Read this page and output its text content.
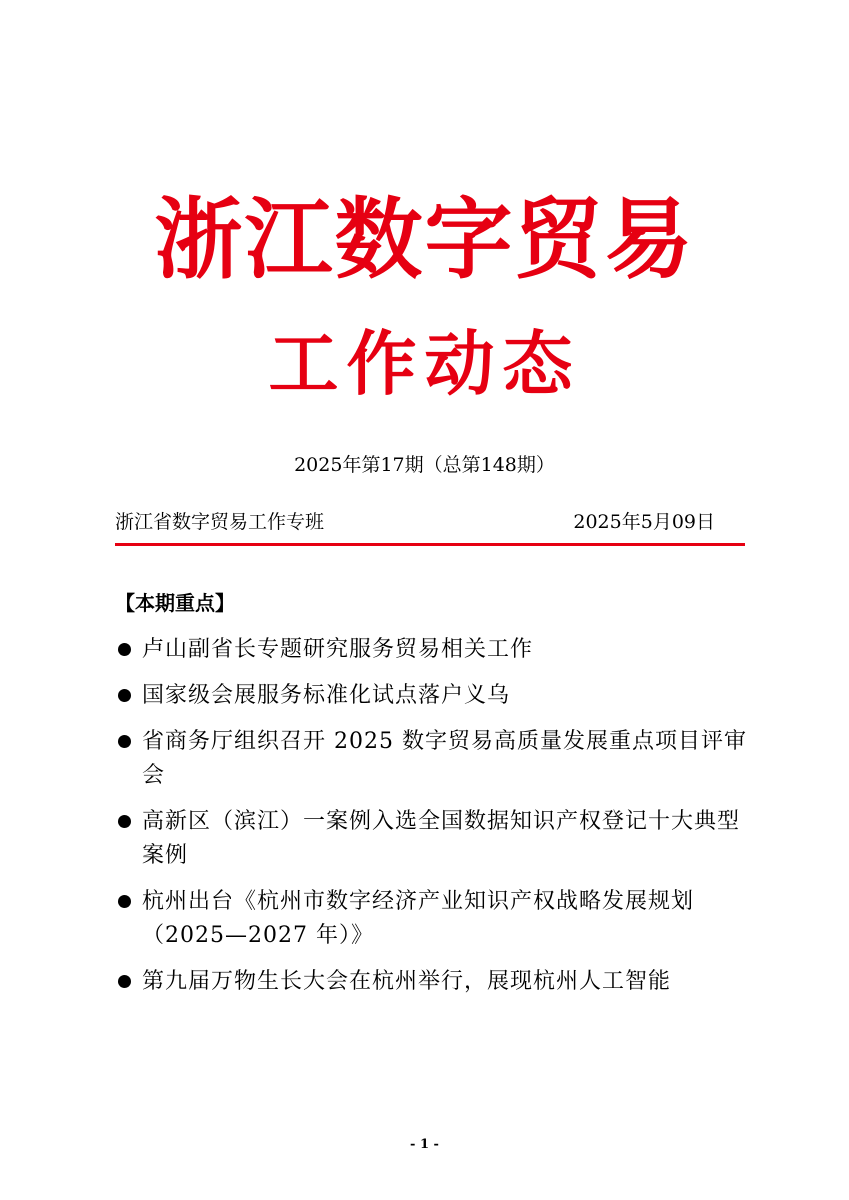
浙江数字贸易
工作动态
2025年第17期（总第148期）
浙江省数字贸易工作专班	2025年5月09日
【本期重点】
卢山副省长专题研究服务贸易相关工作
国家级会展服务标准化试点落户义乌
省商务厅组织召开 2025 数字贸易高质量发展重点项目评审会
高新区（滨江）一案例入选全国数据知识产权登记十大典型案例
杭州出台《杭州市数字经济产业知识产权战略发展规划（2025—2027 年）》
第九届万物生长大会在杭州举行，展现杭州人工智能
- 1 -
